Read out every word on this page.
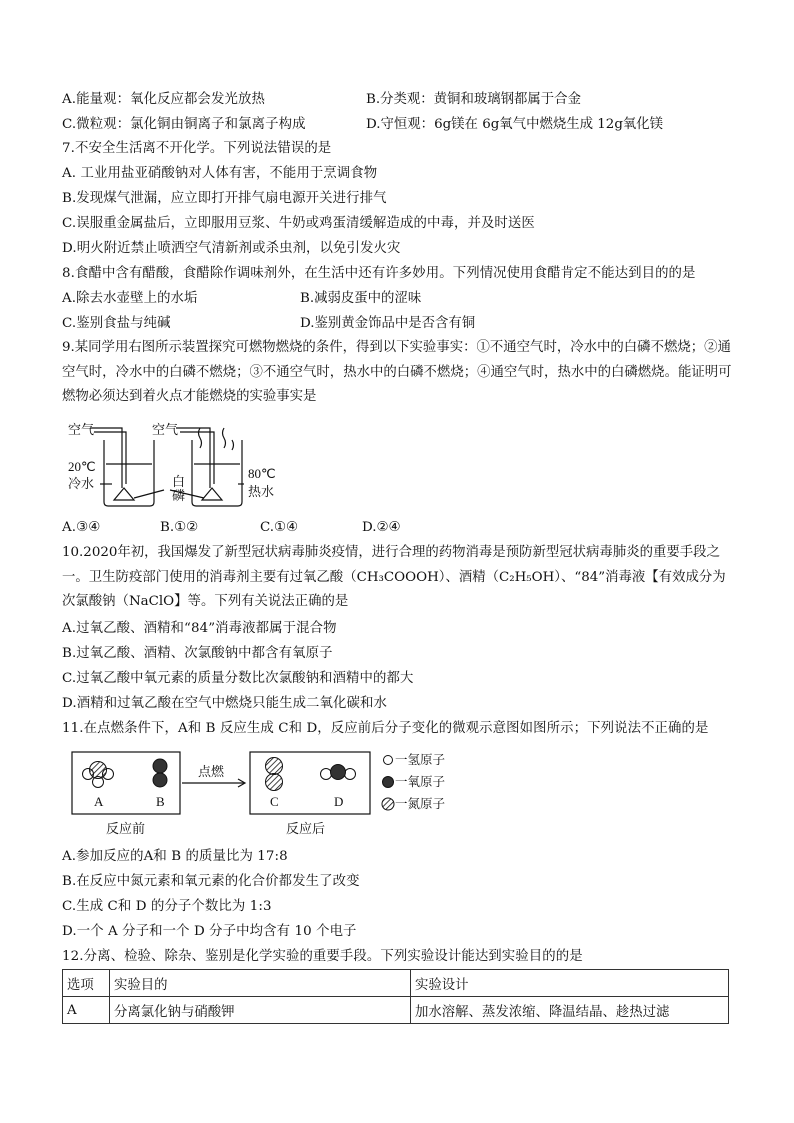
A.能量观：氧化反应都会发光放热	B.分类观：黄铜和玻璃钢都属于合金
C.微粒观：氯化铜由铜离子和氯离子构成	D.守恒观：6g镁在 6g氧气中燃烧生成 12g氧化镁
7.不安全生活离不开化学。下列说法错误的是
A. 工业用盐亚硝酸钠对人体有害，不能用于烹调食物
B.发现煤气泄漏，应立即打开排气扇电源开关进行排气
C.误服重金属盐后，立即服用豆浆、牛奶或鸡蛋清缓解造成的中毒，并及时送医
D.明火附近禁止喷洒空气清新剂或杀虫剂，以免引发火灾
8.食醋中含有醋酸，食醋除作调味剂外，在生活中还有许多妙用。下列情况使用食醋肯定不能达到目的的是
A.除去水壶壁上的水垢	B.减弱皮蛋中的涩味
C.鉴别食盐与纯碱	D.鉴别黄金饰品中是否含有铜
9.某同学用右图所示装置探究可燃物燃烧的条件，得到以下实验事实：①不通空气时，冷水中的白磷不燃烧；②通空气时，冷水中的白磷不燃烧；③不通空气时，热水中的白磷不燃烧；④通空气时，热水中的白磷燃烧。能证明可燃物必须达到着火点才能燃烧的实验事实是
空气	空气
20℃
冷水	白
磷
80℃
热水
A.③④	B.①②	C.①④	D.②④
10.2020年初，我国爆发了新型冠状病毒肺炎疫情，进行合理的药物消毒是预防新型冠状病毒肺炎的重要手段之一。卫生防疫部门使用的消毒剂主要有过氧乙酸（CH₃COOOH）、酒精（C₂H₅OH）、“84”消毒液【有效成分为次氯酸钠（NaClO】等。下列有关说法正确的是
A.过氧乙酸、酒精和“84”消毒液都属于混合物
B.过氧乙酸、酒精、次氯酸钠中都含有氧原子
C.过氧乙酸中氧元素的质量分数比次氯酸钠和酒精中的都大
D.酒精和过氧乙酸在空气中燃烧只能生成二氧化碳和水
11.在点燃条件下，A和 B 反应生成 C和 D，反应前后分子变化的微观示意图如图所示；下列说法不正确的是
A	B	C	D
点燃
反应前	反应后
一氢原子
一氧原子
一氮原子
A.参加反应的A和 B 的质量比为 17:8
B.在反应中氮元素和氧元素的化合价都发生了改变
C.生成 C和 D 的分子个数比为 1:3
D.一个 A 分子和一个 D 分子中均含有 10 个电子
12.分离、检验、除杂、鉴别是化学实验的重要手段。下列实验设计能达到实验目的的是
选项	实验目的	实验设计
A	分离氯化钠与硝酸钾	加水溶解、蒸发浓缩、降温结晶、趁热过滤
